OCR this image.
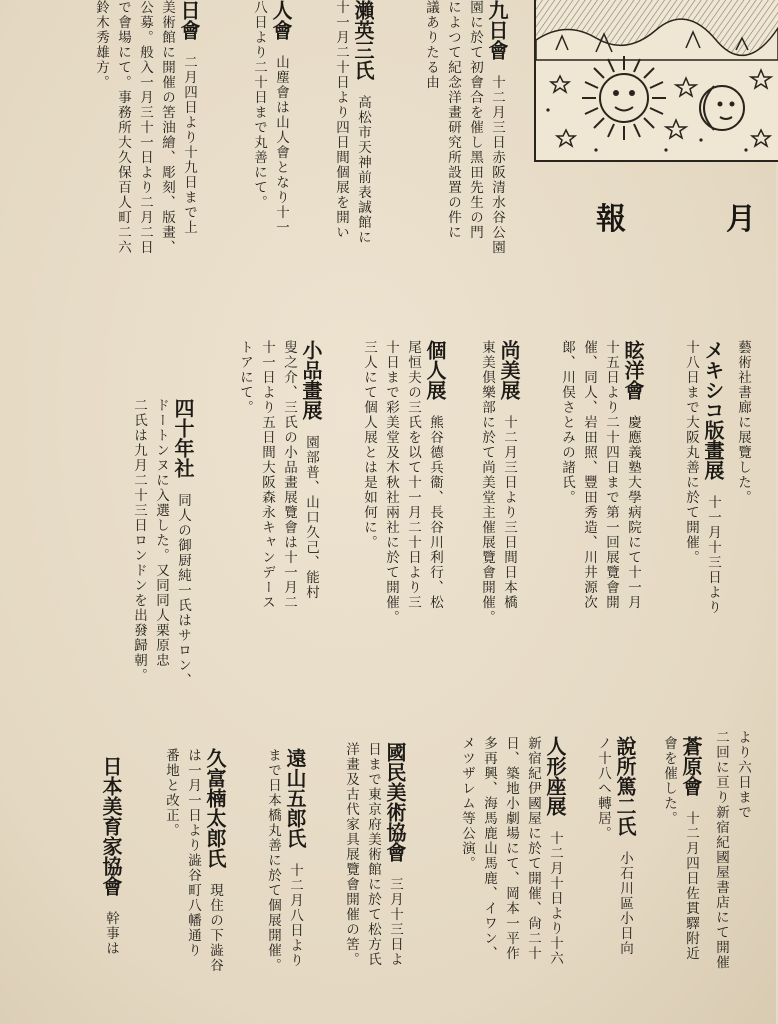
月
報

藝術社書廊に展覽した。

メキシコ版畫展　十一月十三日より
十八日まで大阪丸善に於て開催。

眩洋會　慶應義塾大學病院にて十一月
十五日より二十四日まで第一回展覽會開
催、同人、岩田照、豐田秀造、川井源次
郞、川俣さとみの諸氏。

尚美展　十二月三日より三日間日本橋
東美倶樂部に於て尚美堂主催展覽會開催。

個人展　熊谷德兵衞、長谷川利行、松
尾恒夫の三氏を以て十一月二十日より三
十日まで彩美堂及木秋社兩社に於て開催。
三人にて個人展とは是如何に。

小品畫展　園部普、山口久己、能村
叟之介、三氏の小品畫展覽會は十一月二
十一日より五日間大阪森永キャンデース
トアにて。

四十年社　同人の御厨純一氏はサロン、
ドートンヌに入選した。又同同人栗原忠
二氏は九月二十三日ロンドンを出發歸朝。

より六日まで
二回に亘り新宿紀國屋書店にて開催

蒼原會　十二月四日佐貫驛附近
會を催した。

說所篤二氏　小石川區小日向
ノ十八へ轉居。

人形座展　十二月十日より十六
新宿紀伊國屋に於て開催、尙二十
日、築地小劇場にて、岡本一平作
多再興、海馬鹿山馬鹿、イワン、
メツザレム等公演。

國民美術協會　三月十三日よ
日まで東京府美術館に於て松方氏
洋畫及古代家具展覽會開催の筈。

遠山五郎氏　十二月八日より
まで日本橋丸善に於て個展開催。

久富楠太郎氏　現住の下澁谷
は一月一日より澁谷町八幡通り
番地と改正。

日本美育家協會　幹事は

九日會　十二月三日赤阪清水谷公園
園に於て初會合を催し黑田先生の門
によつて紀念洋畫研究所設置の件に
議ありたる由

瀨英三氏　高松市天神前表誠館に
十一月二十日より四日間個展を開い

人會　山塵會は山人會となり十一
八日より二十日まで丸善にて。

日會　二月四日より十九日まで上
美術館に開催の筈油繪、彫刻、版畫、
公募。般入一月三十一日より二月二日
で會場にて。事務所大久保百人町二六
鈴木秀雄方。
